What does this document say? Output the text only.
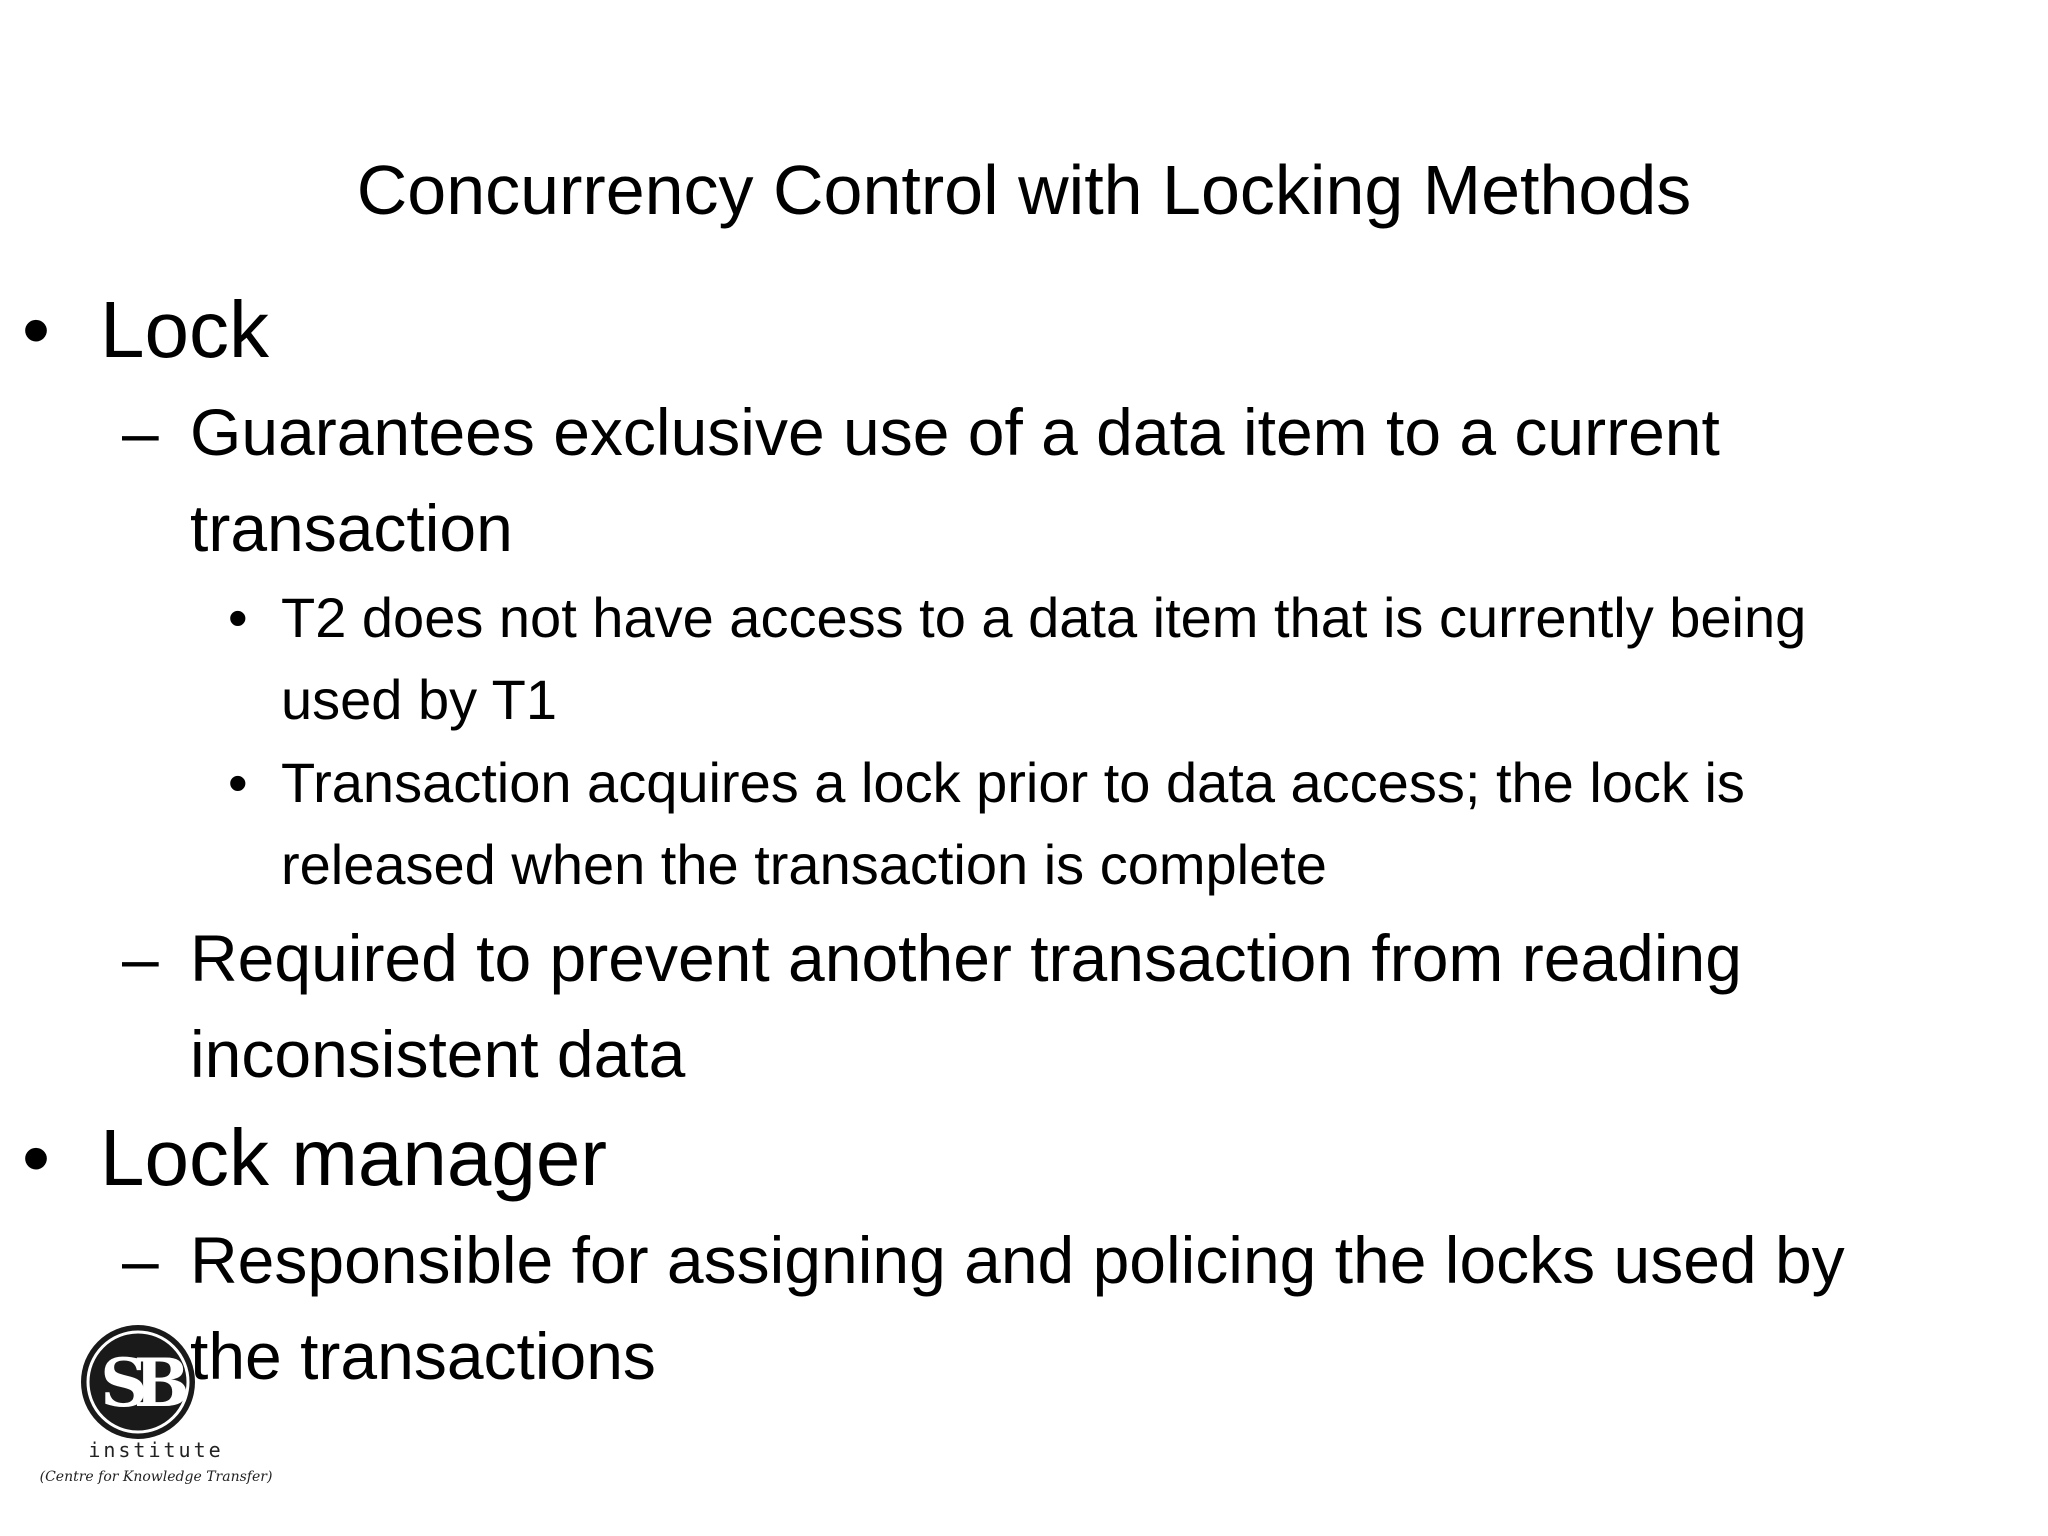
Concurrency Control with Locking Methods
• Lock
– Guarantees exclusive use of a data item to a current
transaction
• T2 does not have access to a data item that is currently being
used by T1
• Transaction acquires a lock prior to data access; the lock is
released when the transaction is complete
– Required to prevent another transaction from reading
inconsistent data
• Lock manager
– Responsible for assigning and policing the locks used by
the transactions
SB
institute
(Centre for Knowledge Transfer)
